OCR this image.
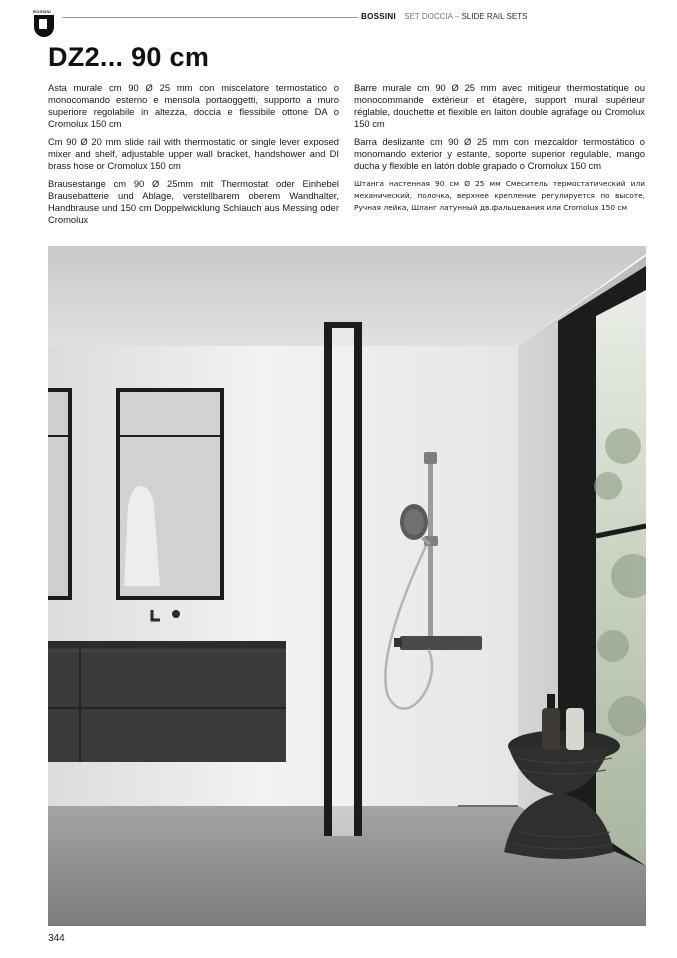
BOSSINI
BOSSINI SET DOCCIA – SLIDE RAIL SETS
DZ2... 90 cm

Asta murale cm 90 Ø 25 mm con miscelatore termostatico o monocomando esterno e mensola portaoggetti, supporto a muro superiore regolabile in altezza, doccia e flessibile ottone DA o Cromolux 150 cm

Cm 90 Ø 20 mm slide rail with thermostatic or single lever exposed mixer and shelf, adjustable upper wall bracket, handshower and DI brass hose or Cromolux 150 cm

Brausestange cm 90 Ø 25mm mit Thermostat oder Einhebel Brausebatterie und Ablage, verstellbarem oberem Wandhalter, Handbrause und 150 cm Doppelwicklung Schlauch aus Messing oder Cromolux

Barre murale cm 90 Ø 25 mm avec mitigeur thermostatique ou monocommande extérieur et étagère, support mural supérieur réglable, douchette et flexible en laiton double agrafage ou Cromolux 150 cm

Barra deslizante cm 90 Ø 25 mm con mezcaldor termostático o monomando exterior y estante, soporte superior regulable, mango ducha y flexible en latón doble grapado o Cromolux 150 cm

Штанга настенная 90 см Ø 25 мм Смеситель термостатический или механический, полочка, верхнее крепление регулируется по высоте, Ручная лейка, Шланг латунный дв.фальцевания или Cromolux 150 см

344
